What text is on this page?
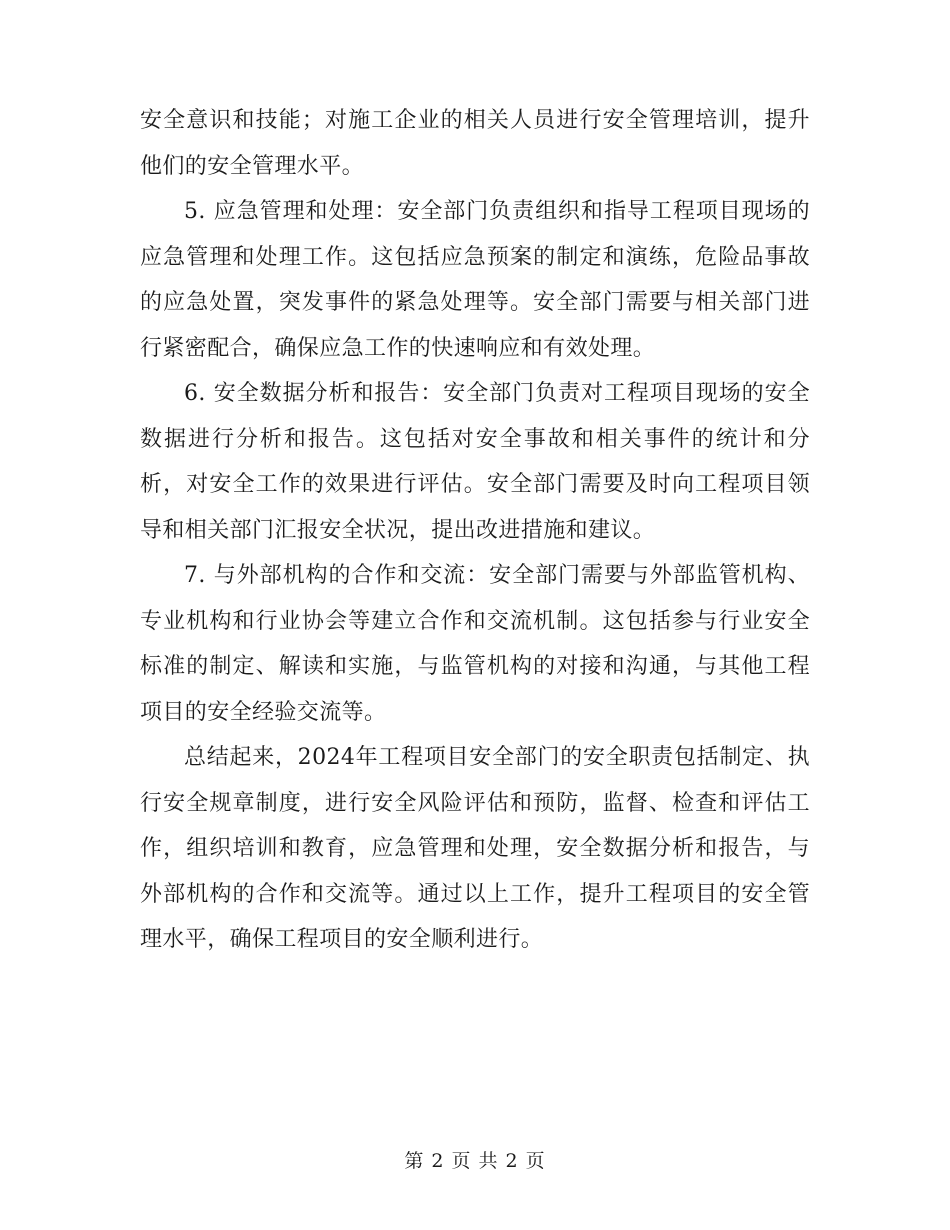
安全意识和技能；对施工企业的相关人员进行安全管理培训，提升他们的安全管理水平。

5. 应急管理和处理：安全部门负责组织和指导工程项目现场的应急管理和处理工作。这包括应急预案的制定和演练，危险品事故的应急处置，突发事件的紧急处理等。安全部门需要与相关部门进行紧密配合，确保应急工作的快速响应和有效处理。

6. 安全数据分析和报告：安全部门负责对工程项目现场的安全数据进行分析和报告。这包括对安全事故和相关事件的统计和分析，对安全工作的效果进行评估。安全部门需要及时向工程项目领导和相关部门汇报安全状况，提出改进措施和建议。

7. 与外部机构的合作和交流：安全部门需要与外部监管机构、专业机构和行业协会等建立合作和交流机制。这包括参与行业安全标准的制定、解读和实施，与监管机构的对接和沟通，与其他工程项目的安全经验交流等。

总结起来，2024年工程项目安全部门的安全职责包括制定、执行安全规章制度，进行安全风险评估和预防，监督、检查和评估工作，组织培训和教育，应急管理和处理，安全数据分析和报告，与外部机构的合作和交流等。通过以上工作，提升工程项目的安全管理水平，确保工程项目的安全顺利进行。

第 2 页 共 2 页
